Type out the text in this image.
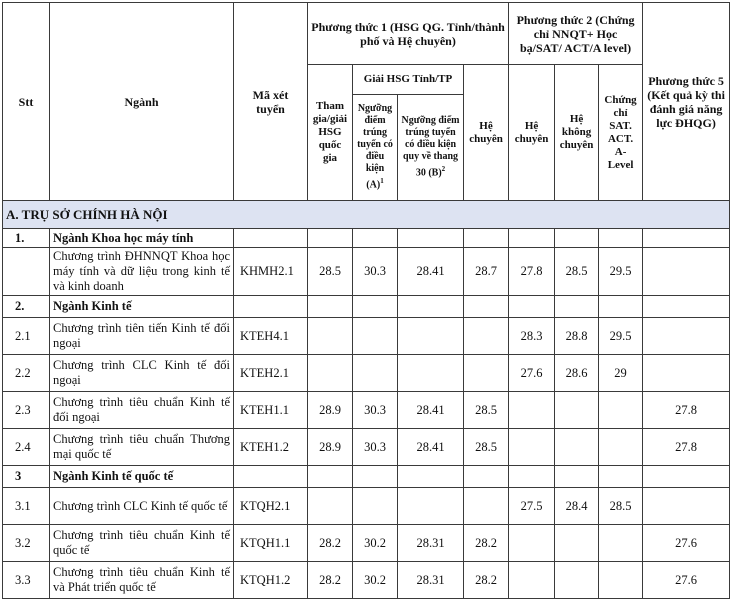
Stt	Ngành	Mã xét tuyển	Phương thức 1 (HSG QG. Tỉnh/thành phố và Hệ chuyên)				Phương thức 2 (Chứng chỉ NNQT+ Học bạ/SAT/ ACT/A level)			Phương thức 5 (Kết quả kỳ thi đánh giá năng lực ĐHQG)
			Tham gia/giải HSG quốc gia	Giải HSG Tỉnh/TP		Hệ chuyên	Hệ chuyên	Hệ không chuyên	Chứng chỉ SAT. ACT. A-Level	
				Ngưỡng điểm trúng tuyển có điều kiện $(A)^1$	Ngưỡng điểm trúng tuyển có điều kiện quy về thang 30 $(B)^2$
A. TRỤ SỞ CHÍNH HÀ NỘI										
1.	Ngành Khoa học máy tính									
	Chương trình ĐHNNQT Khoa học máy tính và dữ liệu trong kinh tế và kinh doanh	KHMH2.1	28.5	30.3	28.41	28.7	27.8	28.5	29.5	
2.	Ngành Kinh tế									
2.1	Chương trình tiên tiến Kinh tế đối ngoại	KTEH4.1					28.3	28.8	29.5	
2.2	Chương trình CLC Kinh tế đối ngoại	KTEH2.1					27.6	28.6	29	
2.3	Chương trình tiêu chuẩn Kinh tế đối ngoại	KTEH1.1	28.9	30.3	28.41	28.5				27.8
2.4	Chương trình tiêu chuẩn Thương mại quốc tế	KTEH1.2	28.9	30.3	28.41	28.5				27.8
3	Ngành Kinh tế quốc tế									
3.1	Chương trình CLC Kinh tế quốc tế	KTQH2.1					27.5	28.4	28.5	
3.2	Chương trình tiêu chuẩn Kinh tế quốc tế	KTQH1.1	28.2	30.2	28.31	28.2				27.6
3.3	Chương trình tiêu chuẩn Kinh tế và Phát triển quốc tế	KTQH1.2	28.2	30.2	28.31	28.2				27.6
